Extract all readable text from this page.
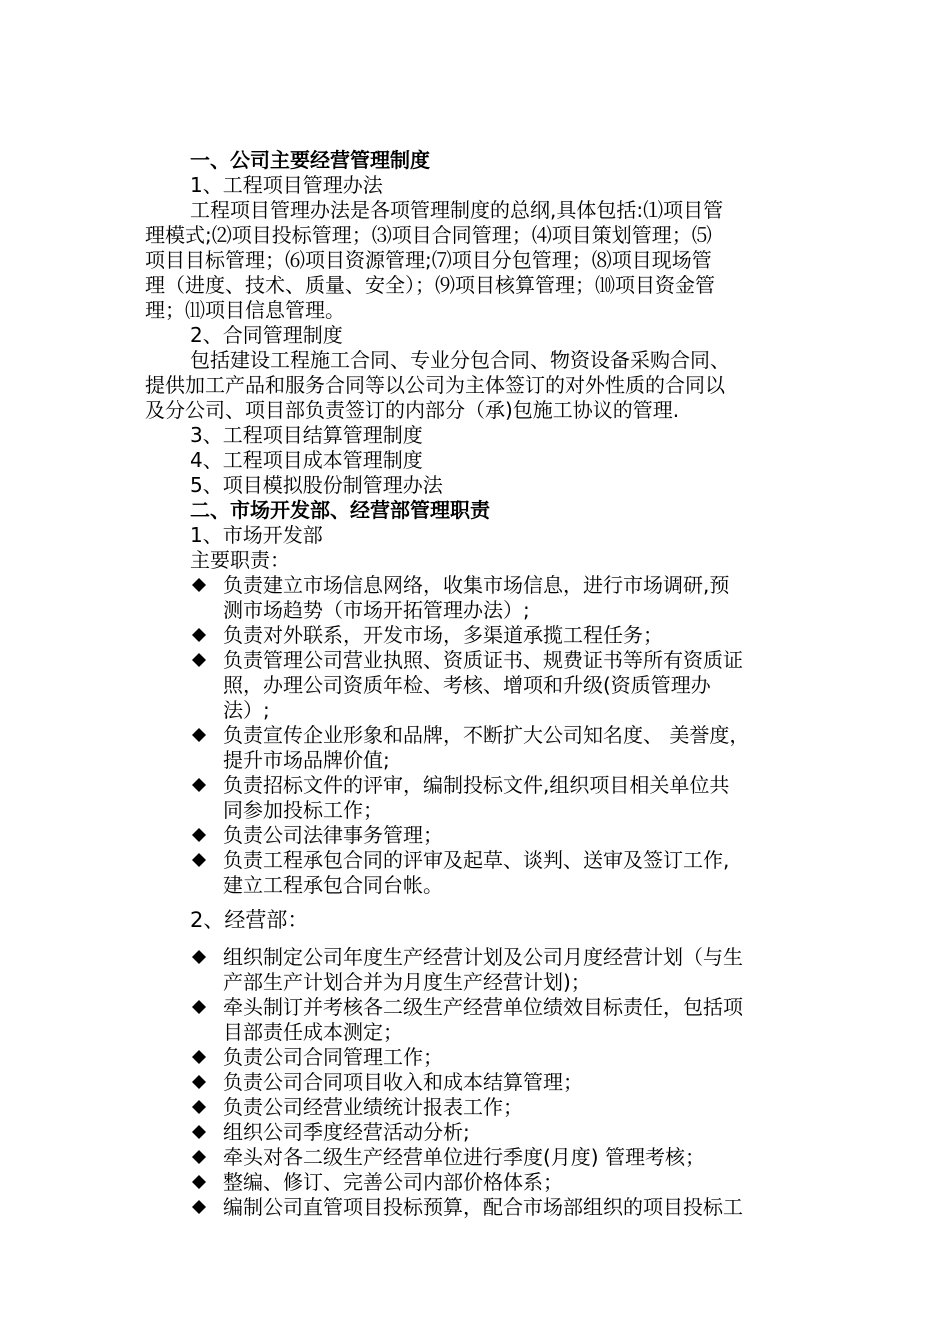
一、公司主要经营管理制度
1、工程项目管理办法
工程项目管理办法是各项管理制度的总纲,具体包括:⑴项目管
理模式;⑵项目投标管理；⑶项目合同管理；⑷项目策划管理；⑸
项目目标管理；⑹项目资源管理;⑺项目分包管理；⑻项目现场管
理（进度、技术、质量、安全）；⑼项目核算管理；⑽项目资金管
理；⑾项目信息管理。
2、合同管理制度
包括建设工程施工合同、专业分包合同、物资设备采购合同、
提供加工产品和服务合同等以公司为主体签订的对外性质的合同以
及分公司、项目部负责签订的内部分（承)包施工协议的管理.
3、工程项目结算管理制度
4、工程项目成本管理制度
5、项目模拟股份制管理办法
二、市场开发部、经营部管理职责
1、市场开发部
主要职责：
负责建立市场信息网络，收集市场信息，进行市场调研,预
测市场趋势（市场开拓管理办法）;
负责对外联系，开发市场，多渠道承揽工程任务；
负责管理公司营业执照、资质证书、规费证书等所有资质证
照，办理公司资质年检、考核、增项和升级(资质管理办
法）;
负责宣传企业形象和品牌，不断扩大公司知名度、 美誉度，
提升市场品牌价值;
负责招标文件的评审，编制投标文件,组织项目相关单位共
同参加投标工作；
负责公司法律事务管理；
负责工程承包合同的评审及起草、谈判、送审及签订工作,
建立工程承包合同台帐。
2、经营部：
组织制定公司年度生产经营计划及公司月度经营计划（与生
产部生产计划合并为月度生产经营计划)；
牵头制订并考核各二级生产经营单位绩效目标责任，包括项
目部责任成本测定；
负责公司合同管理工作；
负责公司合同项目收入和成本结算管理；
负责公司经营业绩统计报表工作；
组织公司季度经营活动分析;
牵头对各二级生产经营单位进行季度(月度) 管理考核；
整编、修订、完善公司内部价格体系；
编制公司直管项目投标预算，配合市场部组织的项目投标工
